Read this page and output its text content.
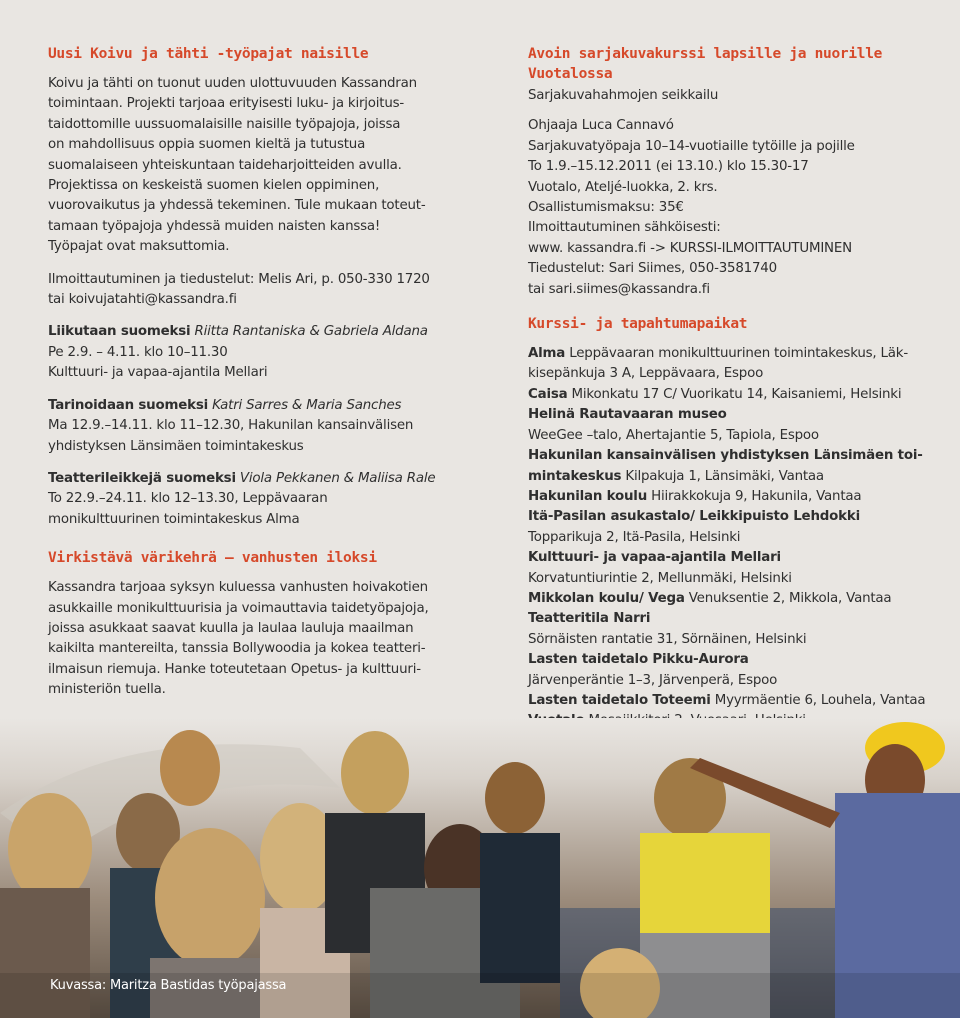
Uusi Koivu ja tähti -työpajat naisille
Koivu ja tähti on tuonut uuden ulottuvuuden Kassandran
toimintaan. Projekti tarjoaa erityisesti luku- ja kirjoitus-
taidottomille uussuomalaisille naisille työpajoja, joissa
on mahdollisuus oppia suomen kieltä ja tutustua
suomalaiseen yhteiskuntaan taideharjoitteiden avulla.
Projektissa on keskeistä suomen kielen oppiminen,
vuorovaikutus ja yhdessä tekeminen. Tule mukaan toteut-
tamaan työpajoja yhdessä muiden naisten kanssa!
Työpajat ovat maksuttomia.
Ilmoittautuminen ja tiedustelut: Melis Ari, p. 050-330 1720
tai koivujatahti@kassandra.fi
Liikutaan suomeksi Riitta Rantaniska & Gabriela Aldana
Pe 2.9. – 4.11. klo 10–11.30
Kulttuuri- ja vapaa-ajantila Mellari
Tarinoidaan suomeksi Katri Sarres & Maria Sanches
Ma 12.9.–14.11. klo 11–12.30, Hakunilan kansainvälisen
yhdistyksen Länsimäen toimintakeskus
Teatterileikkejä suomeksi Viola Pekkanen & Maliisa Rale
To 22.9.–24.11. klo 12–13.30, Leppävaaran
monikulttuurinen toimintakeskus Alma
Virkistävä värikehrä – vanhusten iloksi
Kassandra tarjoaa syksyn kuluessa vanhusten hoivakotien
asukkaille monikulttuurisia ja voimauttavia taidetyöpajoja,
joissa asukkaat saavat kuulla ja laulaa lauluja maailman
kaikilta mantereilta, tanssia Bollywoodia ja kokea teatteri-
ilmaisun riemuja. Hanke toteutetaan Opetus- ja kulttuuri-
ministeriön tuella.
Avoin sarjakuvakurssi lapsille ja nuorille Vuotalossa
Sarjakuvahahmojen seikkailu
Ohjaaja Luca Cannavó
Sarjakuvatyöpaja 10–14-vuotiaille tytöille ja pojille
To 1.9.–15.12.2011 (ei 13.10.) klo 15.30-17
Vuotalo, Ateljé-luokka, 2. krs.
Osallistumismaksu: 35€
Ilmoittautuminen sähköisesti:
www. kassandra.fi -> KURSSI-ILMOITTAUTUMINEN
Tiedustelut: Sari Siimes, 050-3581740
tai sari.siimes@kassandra.fi
Kurssi- ja tapahtumapaikat
Alma Leppävaaran monikulttuurinen toimintakeskus, Läk-
kisepänkuja 3 A, Leppävaara, Espoo
Caisa Mikonkatu 17 C/ Vuorikatu 14, Kaisaniemi, Helsinki
Helinä Rautavaaran museo
WeeGee –talo, Ahertajantie 5, Tapiola, Espoo
Hakunilan kansainvälisen yhdistyksen Länsimäen toi-
mintakeskus Kilpakuja 1, Länsimäki, Vantaa
Hakunilan koulu Hiirakkokuja 9, Hakunila, Vantaa
Itä-Pasilan asukastalo/ Leikkipuisto Lehdokki
Topparikuja 2, Itä-Pasila, Helsinki
Kulttuuri- ja vapaa-ajantila Mellari
Korvatuntiurintie 2, Mellunmäki, Helsinki
Mikkolan koulu/ Vega Venuksentie 2, Mikkola, Vantaa
Teatteritila Narri
Sörnäisten rantatie 31, Sörnäinen, Helsinki
Lasten taidetalo Pikku-Aurora
Järvenperäntie 1–3, Järvenperä, Espoo
Lasten taidetalo Toteemi Myyrmäentie 6, Louhela, Vantaa
Kuvassa: Maritza Bastidas työpajassa
